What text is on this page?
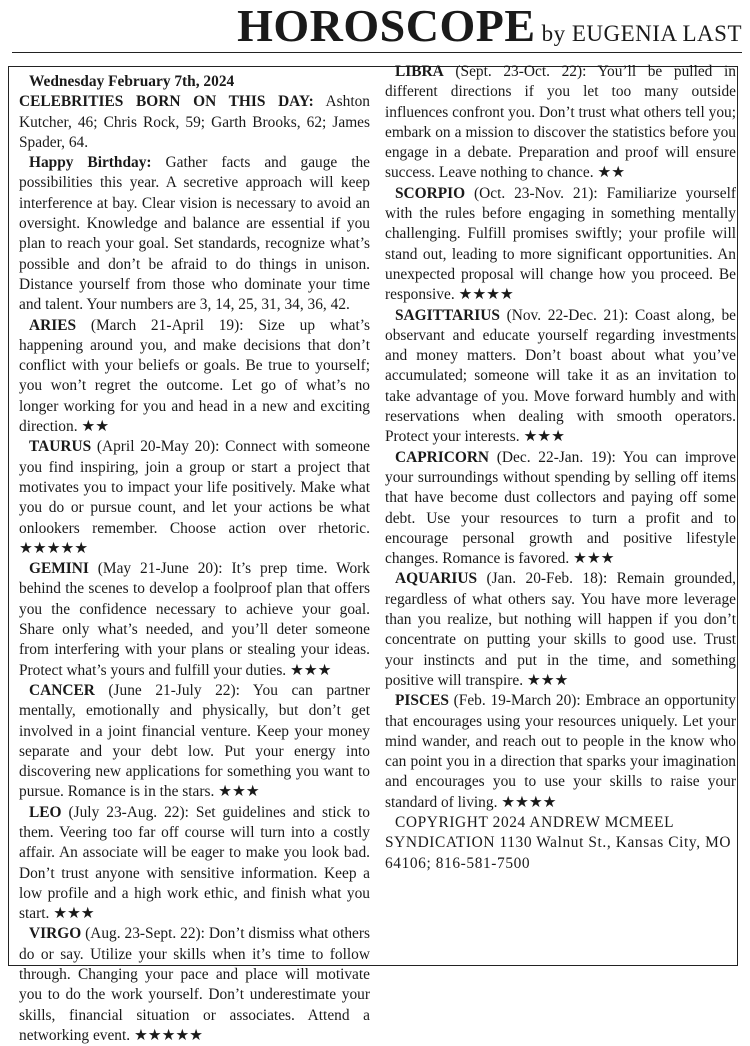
HOROSCOPE by EUGENIA LAST

Wednesday February 7th, 2024

CELEBRITIES BORN ON THIS DAY: Ashton Kutcher, 46; Chris Rock, 59; Garth Brooks, 62; James Spader, 64.

Happy Birthday: Gather facts and gauge the possibilities this year. A secretive approach will keep interference at bay. Clear vision is necessary to avoid an oversight. Knowledge and balance are essential if you plan to reach your goal. Set standards, recognize what’s possible and don’t be afraid to do things in unison. Distance yourself from those who dominate your time and talent. Your numbers are 3, 14, 25, 31, 34, 36, 42.

ARIES (March 21-April 19): Size up what’s happening around you, and make decisions that don’t conflict with your beliefs or goals. Be true to yourself; you won’t regret the outcome. Let go of what’s no longer working for you and head in a new and exciting direction. ★★

TAURUS (April 20-May 20): Connect with someone you find inspiring, join a group or start a project that motivates you to impact your life positively. Make what you do or pursue count, and let your actions be what onlookers remember. Choose action over rhetoric. ★★★★★

GEMINI (May 21-June 20): It’s prep time. Work behind the scenes to develop a foolproof plan that offers you the confidence necessary to achieve your goal. Share only what’s needed, and you’ll deter someone from interfering with your plans or stealing your ideas. Protect what’s yours and fulfill your duties. ★★★

CANCER (June 21-July 22): You can partner mentally, emotionally and physically, but don’t get involved in a joint financial venture. Keep your money separate and your debt low. Put your energy into discovering new applications for something you want to pursue. Romance is in the stars. ★★★

LEO (July 23-Aug. 22): Set guidelines and stick to them. Veering too far off course will turn into a costly affair. An associate will be eager to make you look bad. Don’t trust anyone with sensitive information. Keep a low profile and a high work ethic, and finish what you start. ★★★

VIRGO (Aug. 23-Sept. 22): Don’t dismiss what others do or say. Utilize your skills when it’s time to follow through. Changing your pace and place will motivate you to do the work yourself. Don’t underestimate your skills, financial situation or associates. Attend a networking event. ★★★★★

LIBRA (Sept. 23-Oct. 22): You’ll be pulled in different directions if you let too many outside influences confront you. Don’t trust what others tell you; embark on a mission to discover the statistics before you engage in a debate. Preparation and proof will ensure success. Leave nothing to chance. ★★

SCORPIO (Oct. 23-Nov. 21): Familiarize yourself with the rules before engaging in something mentally challenging. Fulfill promises swiftly; your profile will stand out, leading to more significant opportunities. An unexpected proposal will change how you proceed. Be responsive. ★★★★

SAGITTARIUS (Nov. 22-Dec. 21): Coast along, be observant and educate yourself regarding investments and money matters. Don’t boast about what you’ve accumulated; someone will take it as an invitation to take advantage of you. Move forward humbly and with reservations when dealing with smooth operators. Protect your interests. ★★★

CAPRICORN (Dec. 22-Jan. 19): You can improve your surroundings without spending by selling off items that have become dust collectors and paying off some debt. Use your resources to turn a profit and to encourage personal growth and positive lifestyle changes. Romance is favored. ★★★

AQUARIUS (Jan. 20-Feb. 18): Remain grounded, regardless of what others say. You have more leverage than you realize, but nothing will happen if you don’t concentrate on putting your skills to good use. Trust your instincts and put in the time, and something positive will transpire. ★★★

PISCES (Feb. 19-March 20): Embrace an opportunity that encourages using your resources uniquely. Let your mind wander, and reach out to people in the know who can point you in a direction that sparks your imagination and encourages you to use your skills to raise your standard of living. ★★★★

COPYRIGHT 2024 ANDREW MCMEEL SYNDICATION 1130 Walnut St., Kansas City, MO 64106; 816-581-7500
